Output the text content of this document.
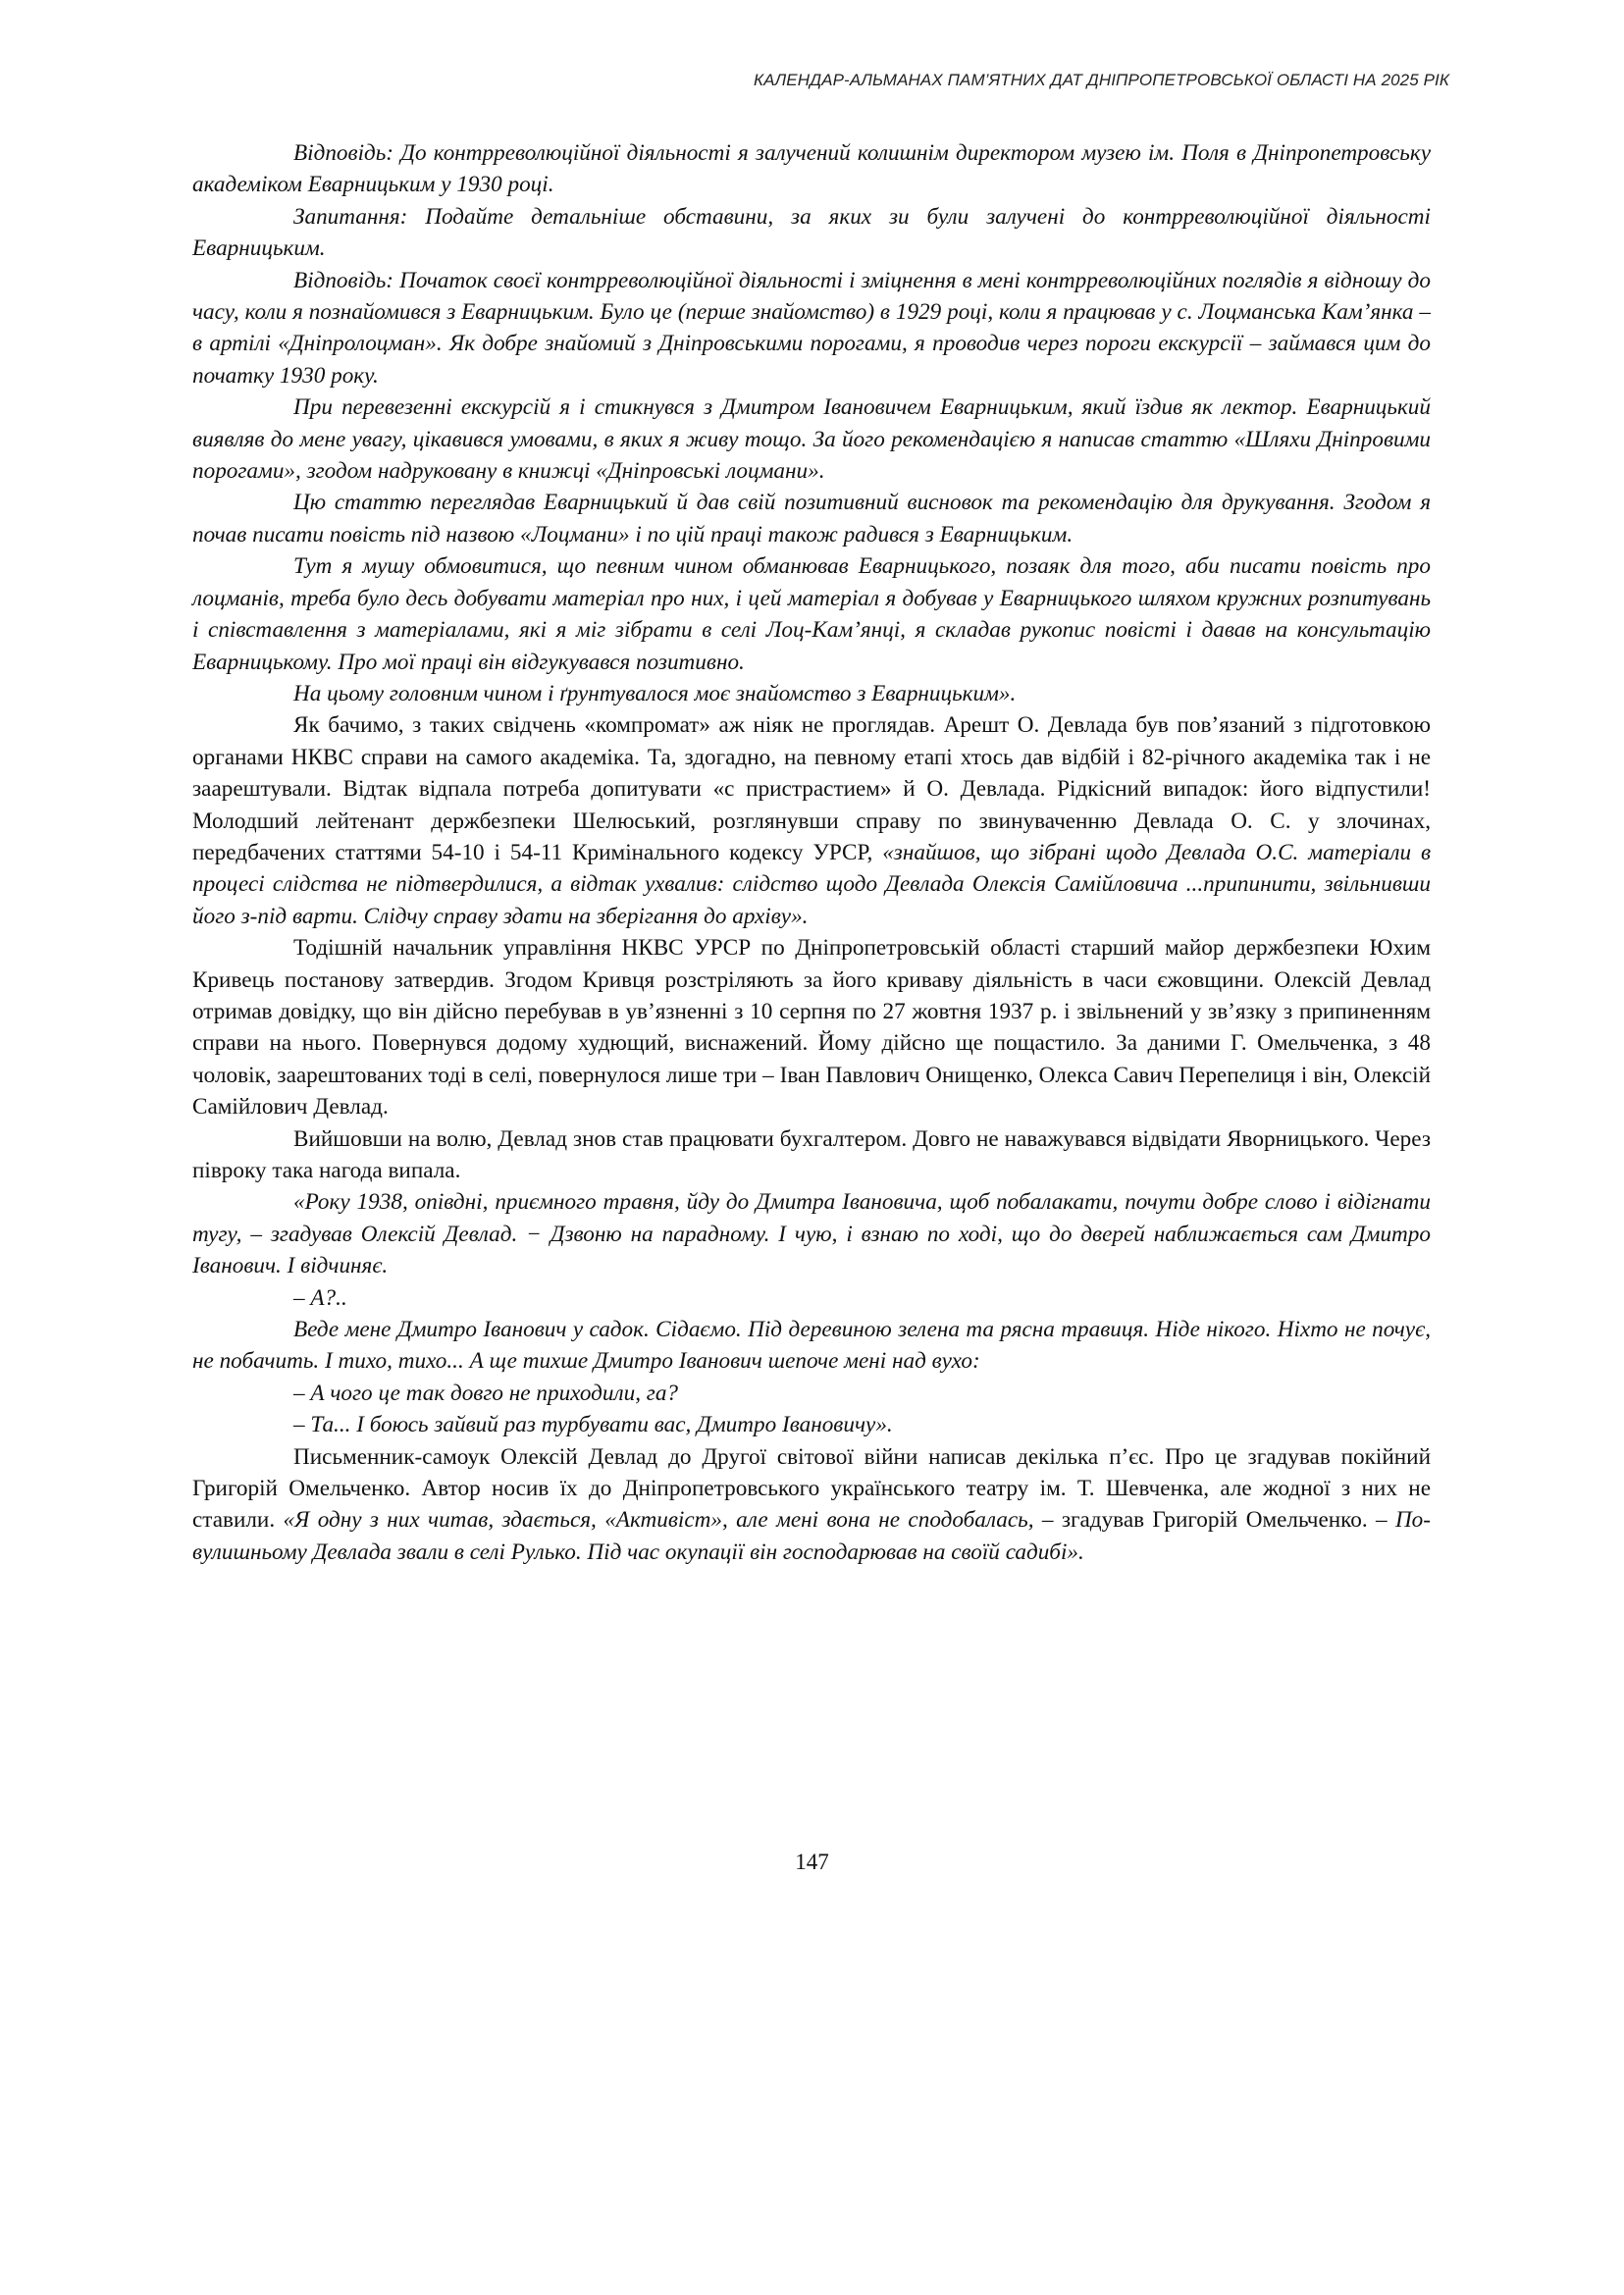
КАЛЕНДАР-АЛЬМАНАХ ПАМ’ЯТНИХ ДАТ ДНІПРОПЕТРОВСЬКОЇ ОБЛАСТІ НА 2025 РІК

Відповідь: До контрреволюційної діяльності я залучений колишнім директором музею ім. Поля в Дніпропетровську академіком Еварницьким у 1930 році.

Запитання: Подайте детальніше обставини, за яких зи були залучені до контрреволюційної діяльності Еварницьким.

Відповідь: Початок своєї контрреволюційної діяльності і зміцнення в мені контрреволюційних поглядів я відношу до часу, коли я познайомився з Еварницьким. Було це (перше знайомство) в 1929 році, коли я працював у с. Лоцманська Кам’янка – в артілі «Дніпролоцман». Як добре знайомий з Дніпровськими порогами, я проводив через пороги екскурсії – займався цим до початку 1930 року.

При перевезенні екскурсій я і стикнувся з Дмитром Івановичем Еварницьким, який їздив як лектор. Еварницький виявляв до мене увагу, цікавився умовами, в яких я живу тощо. За його рекомендацією я написав статтю «Шляхи Дніпровими порогами», згодом надруковану в книжці «Дніпровські лоцмани».

Цю статтю переглядав Еварницький й дав свій позитивний висновок та рекомендацію для друкування. Згодом я почав писати повість під назвою «Лоцмани» і по цій праці також радився з Еварницьким.

Тут я мушу обмовитися, що певним чином обманював Еварницького, позаяк для того, аби писати повість про лоцманів, треба було десь добувати матеріал про них, і цей матеріал я добував у Еварницького шляхом кружних розпитувань і співставлення з матеріалами, які я міг зібрати в селі Лоц-Кам’янці, я складав рукопис повісті і давав на консультацію Еварницькому. Про мої праці він відгукувався позитивно.

На цьому головним чином і ґрунтувалося моє знайомство з Еварницьким».

Як бачимо, з таких свідчень «компромат» аж ніяк не проглядав. Арешт О. Девлада був пов’язаний з підготовкою органами НКВС справи на самого академіка. Та, здогадно, на певному етапі хтось дав відбій і 82-річного академіка так і не заарештували. Відтак відпала потреба допитувати «с пристрастием» й О. Девлада. Рідкісний випадок: його відпустили! Молодший лейтенант держбезпеки Шелюський, розглянувши справу по звинуваченню Девлада О. С. у злочинах, передбачених статтями 54-10 і 54-11 Кримінального кодексу УРСР, «знайшов, що зібрані щодо Девлада О.С. матеріали в процесі слідства не підтвердилися, а відтак ухвалив: слідство щодо Девлада Олексія Самійловича ...припинити, звільнивши його з-під варти. Слідчу справу здати на зберігання до архіву».

Тодішній начальник управління НКВС УРСР по Дніпропетровській області старший майор держбезпеки Юхим Кривець постанову затвердив. Згодом Кривця розстріляють за його криваву діяльність в часи єжовщини. Олексій Девлад отримав довідку, що він дійсно перебував в ув’язненні з 10 серпня по 27 жовтня 1937 р. і звільнений у зв’язку з припиненням справи на нього. Повернувся додому худющий, виснажений. Йому дійсно ще пощастило. За даними Г. Омельченка, з 48 чоловік, заарештованих тоді в селі, повернулося лише три – Іван Павлович Онищенко, Олекса Савич Перепелиця і він, Олексій Самійлович Девлад.

Вийшовши на волю, Девлад знов став працювати бухгалтером. Довго не наважувався відвідати Яворницького. Через півроку така нагода випала.

«Року 1938, опівдні, приємного травня, йду до Дмитра Івановича, щоб побалакати, почути добре слово і відігнати тугу, – згадував Олексій Девлад. − Дзвоню на парадному. І чую, і взнаю по ході, що до дверей наближається сам Дмитро Іванович. І відчиняє.

– А?..

Веде мене Дмитро Іванович у садок. Сідаємо. Під деревиною зелена та рясна травиця. Ніде нікого. Ніхто не почує, не побачить. І тихо, тихо... А ще тихше Дмитро Іванович шепоче мені над вухо:

– А чого це так довго не приходили, га?

– Та... І боюсь зайвий раз турбувати вас, Дмитро Івановичу».

Письменник-самоук Олексій Девлад до Другої світової війни написав декілька п’єс. Про це згадував покійний Григорій Омельченко. Автор носив їх до Дніпропетровського українського театру ім. Т. Шевченка, але жодної з них не ставили. «Я одну з них читав, здається, «Активіст», але мені вона не сподобалась, – згадував Григорій Омельченко. – По-вулишньому Девлада звали в селі Рулько. Під час окупації він господарював на своїй садибі».

147
